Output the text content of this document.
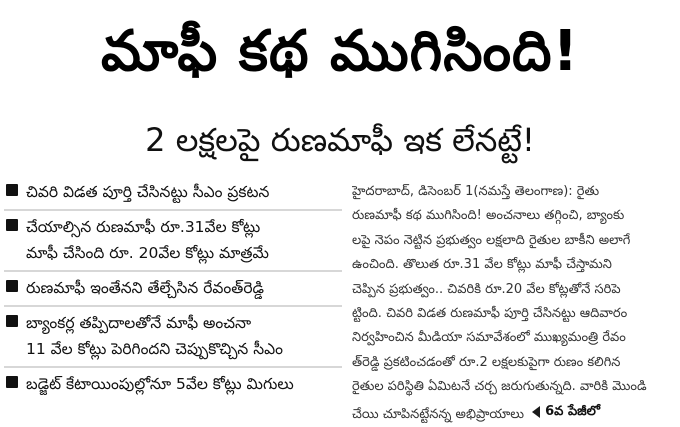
మాఫీ కథ ముగిసింది!
2 లక్షలపై రుణమాఫీ ఇక లేనట్టే!
చివరి విడత పూర్తి చేసినట్టు సీఎం ప్రకటన
చేయాల్సిన రుణమాఫీ రూ.31వేల కోట్లు
మాఫీ చేసింది రూ. 20వేల కోట్లు మాత్రమే
రుణమాఫీ ఇంతేనని తేల్చేసిన రేవంత్‌రెడ్డి
బ్యాంకర్ల తప్పిదాలతోనే మాఫీ అంచనా
11 వేల కోట్లు పెరిగిందని చెప్పుకొచ్చిన సీఎం
బడ్జెట్ కేటాయింపుల్లోనూ 5వేల కోట్లు మిగులు
హైదరాబాద్, డిసెంబర్ 1(నమస్తే తెలంగాణ): రైతు
రుణమాఫీ కథ ముగిసింది! అంచనాలు తగ్గించి, బ్యాంకు
లపై నెపం నెట్టిన ప్రభుత్వం లక్షలాది రైతుల బాకీని అలాగే
ఉంచింది. తొలుత రూ.31 వేల కోట్లు మాఫీ చేస్తామని
చెప్పిన ప్రభుత్వం.. చివరికి రూ.20 వేల కోట్లతోనే సరిపె
ట్టింది. చివరి విడత రుణమాఫీ పూర్తి చేసినట్టు ఆదివారం
నిర్వహించిన మీడియా సమావేశంలో ముఖ్యమంత్రి రేవం
త్‌రెడ్డి ప్రకటించడంతో రూ.2 లక్షలకుపైగా రుణం కలిగిన
రైతుల పరిస్థితి ఏమిటనే చర్చ జరుగుతున్నది. వారికి మొండి
చేయి చూపినట్టేనన్న అభిప్రాయాలు 6వ పేజీలో
